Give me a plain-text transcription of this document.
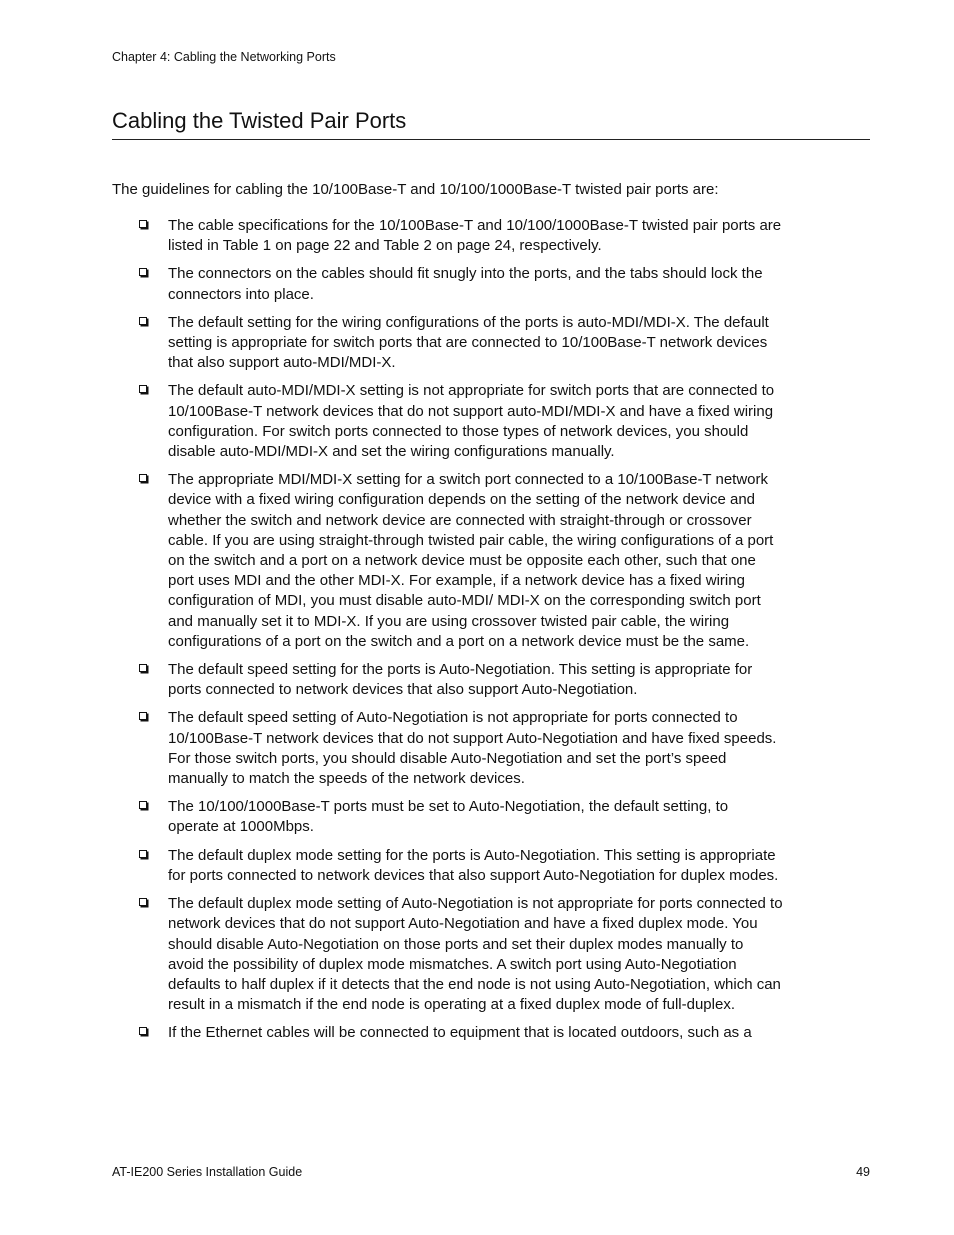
Chapter 4: Cabling the Networking Ports
Cabling the Twisted Pair Ports

The guidelines for cabling the 10/100Base-T and 10/100/1000Base-T twisted pair ports are:

The cable specifications for the 10/100Base-T and 10/100/1000Base-T twisted pair ports are listed in Table 1 on page 22 and Table 2 on page 24, respectively.
The connectors on the cables should fit snugly into the ports, and the tabs should lock the connectors into place.
The default setting for the wiring configurations of the ports is auto-MDI/MDI-X. The default setting is appropriate for switch ports that are connected to 10/100Base-T network devices that also support auto-MDI/MDI-X.
The default auto-MDI/MDI-X setting is not appropriate for switch ports that are connected to 10/100Base-T network devices that do not support auto-MDI/MDI-X and have a fixed wiring configuration. For switch ports connected to those types of network devices, you should disable auto-MDI/MDI-X and set the wiring configurations manually.
The appropriate MDI/MDI-X setting for a switch port connected to a 10/100Base-T network device with a fixed wiring configuration depends on the setting of the network device and whether the switch and network device are connected with straight-through or crossover cable. If you are using straight-through twisted pair cable, the wiring configurations of a port on the switch and a port on a network device must be opposite each other, such that one port uses MDI and the other MDI-X. For example, if a network device has a fixed wiring configuration of MDI, you must disable auto-MDI/ MDI-X on the corresponding switch port and manually set it to MDI-X. If you are using crossover twisted pair cable, the wiring configurations of a port on the switch and a port on a network device must be the same.
The default speed setting for the ports is Auto-Negotiation. This setting is appropriate for ports connected to network devices that also support Auto-Negotiation.
The default speed setting of Auto-Negotiation is not appropriate for ports connected to 10/100Base-T network devices that do not support Auto-Negotiation and have fixed speeds. For those switch ports, you should disable Auto-Negotiation and set the port’s speed manually to match the speeds of the network devices.
The 10/100/1000Base-T ports must be set to Auto-Negotiation, the default setting, to operate at 1000Mbps.
The default duplex mode setting for the ports is Auto-Negotiation. This setting is appropriate for ports connected to network devices that also support Auto-Negotiation for duplex modes.
The default duplex mode setting of Auto-Negotiation is not appropriate for ports connected to network devices that do not support Auto-Negotiation and have a fixed duplex mode. You should disable Auto-Negotiation on those ports and set their duplex modes manually to avoid the possibility of duplex mode mismatches. A switch port using Auto-Negotiation defaults to half duplex if it detects that the end node is not using Auto-Negotiation, which can result in a mismatch if the end node is operating at a fixed duplex mode of full-duplex.
If the Ethernet cables will be connected to equipment that is located outdoors, such as a
AT-IE200 Series Installation Guide	49
